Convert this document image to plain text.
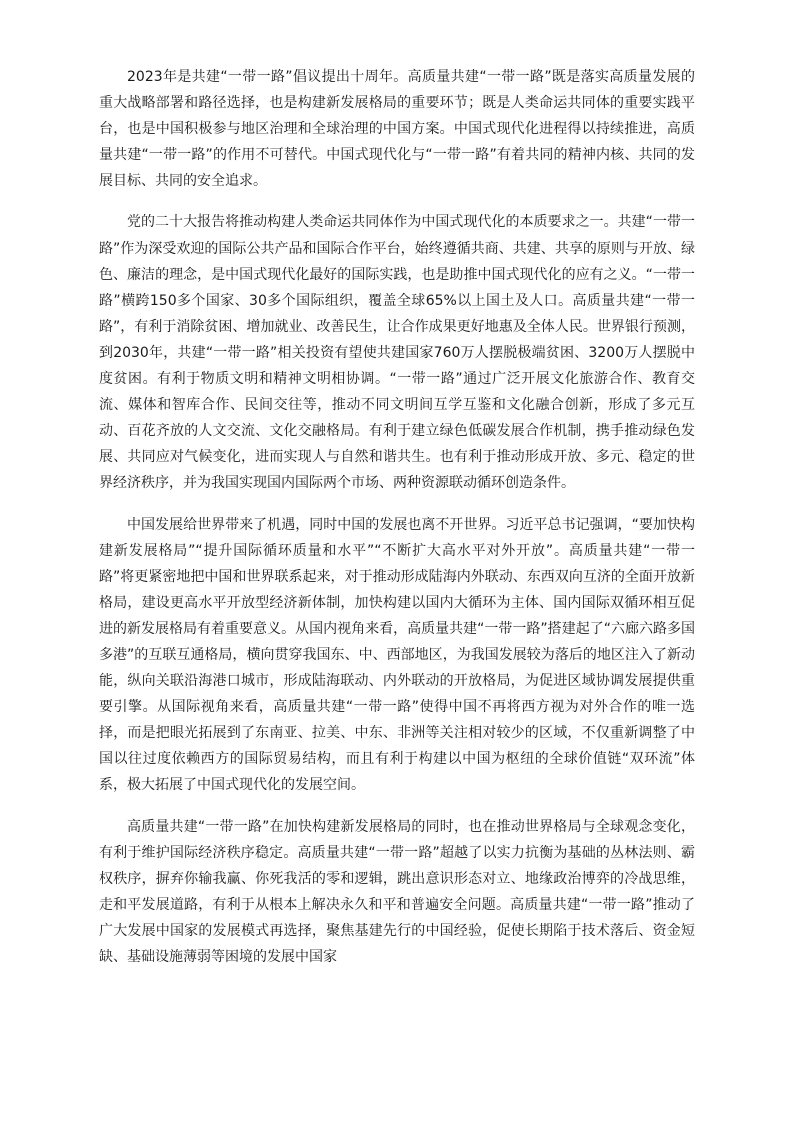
2023年是共建“一带一路”倡议提出十周年。高质量共建“一带一路”既是落实高质量发展的重大战略部署和路径选择，也是构建新发展格局的重要环节；既是人类命运共同体的重要实践平台，也是中国积极参与地区治理和全球治理的中国方案。中国式现代化进程得以持续推进，高质量共建“一带一路”的作用不可替代。中国式现代化与“一带一路”有着共同的精神内核、共同的发展目标、共同的安全追求。

党的二十大报告将推动构建人类命运共同体作为中国式现代化的本质要求之一。共建“一带一路”作为深受欢迎的国际公共产品和国际合作平台，始终遵循共商、共建、共享的原则与开放、绿色、廉洁的理念，是中国式现代化最好的国际实践，也是助推中国式现代化的应有之义。“一带一路”横跨150多个国家、30多个国际组织，覆盖全球65%以上国土及人口。高质量共建“一带一路”，有利于消除贫困、增加就业、改善民生，让合作成果更好地惠及全体人民。世界银行预测，到2030年，共建“一带一路”相关投资有望使共建国家760万人摆脱极端贫困、3200万人摆脱中度贫困。有利于物质文明和精神文明相协调。“一带一路”通过广泛开展文化旅游合作、教育交流、媒体和智库合作、民间交往等，推动不同文明间互学互鉴和文化融合创新，形成了多元互动、百花齐放的人文交流、文化交融格局。有利于建立绿色低碳发展合作机制，携手推动绿色发展、共同应对气候变化，进而实现人与自然和谐共生。也有利于推动形成开放、多元、稳定的世界经济秩序，并为我国实现国内国际两个市场、两种资源联动循环创造条件。

中国发展给世界带来了机遇，同时中国的发展也离不开世界。习近平总书记强调，“要加快构建新发展格局”“提升国际循环质量和水平”“不断扩大高水平对外开放”。高质量共建“一带一路”将更紧密地把中国和世界联系起来，对于推动形成陆海内外联动、东西双向互济的全面开放新格局，建设更高水平开放型经济新体制，加快构建以国内大循环为主体、国内国际双循环相互促进的新发展格局有着重要意义。从国内视角来看，高质量共建“一带一路”搭建起了“六廊六路多国多港”的互联互通格局，横向贯穿我国东、中、西部地区，为我国发展较为落后的地区注入了新动能，纵向关联沿海港口城市，形成陆海联动、内外联动的开放格局，为促进区域协调发展提供重要引擎。从国际视角来看，高质量共建“一带一路”使得中国不再将西方视为对外合作的唯一选择，而是把眼光拓展到了东南亚、拉美、中东、非洲等关注相对较少的区域，不仅重新调整了中国以往过度依赖西方的国际贸易结构，而且有利于构建以中国为枢纽的全球价值链“双环流”体系，极大拓展了中国式现代化的发展空间。

高质量共建“一带一路”在加快构建新发展格局的同时，也在推动世界格局与全球观念变化，有利于维护国际经济秩序稳定。高质量共建“一带一路”超越了以实力抗衡为基础的丛林法则、霸权秩序，摒弃你输我赢、你死我活的零和逻辑，跳出意识形态对立、地缘政治博弈的冷战思维，走和平发展道路，有利于从根本上解决永久和平和普遍安全问题。高质量共建“一带一路”推动了广大发展中国家的发展模式再选择，聚焦基建先行的中国经验，促使长期陷于技术落后、资金短缺、基础设施薄弱等困境的发展中国家
